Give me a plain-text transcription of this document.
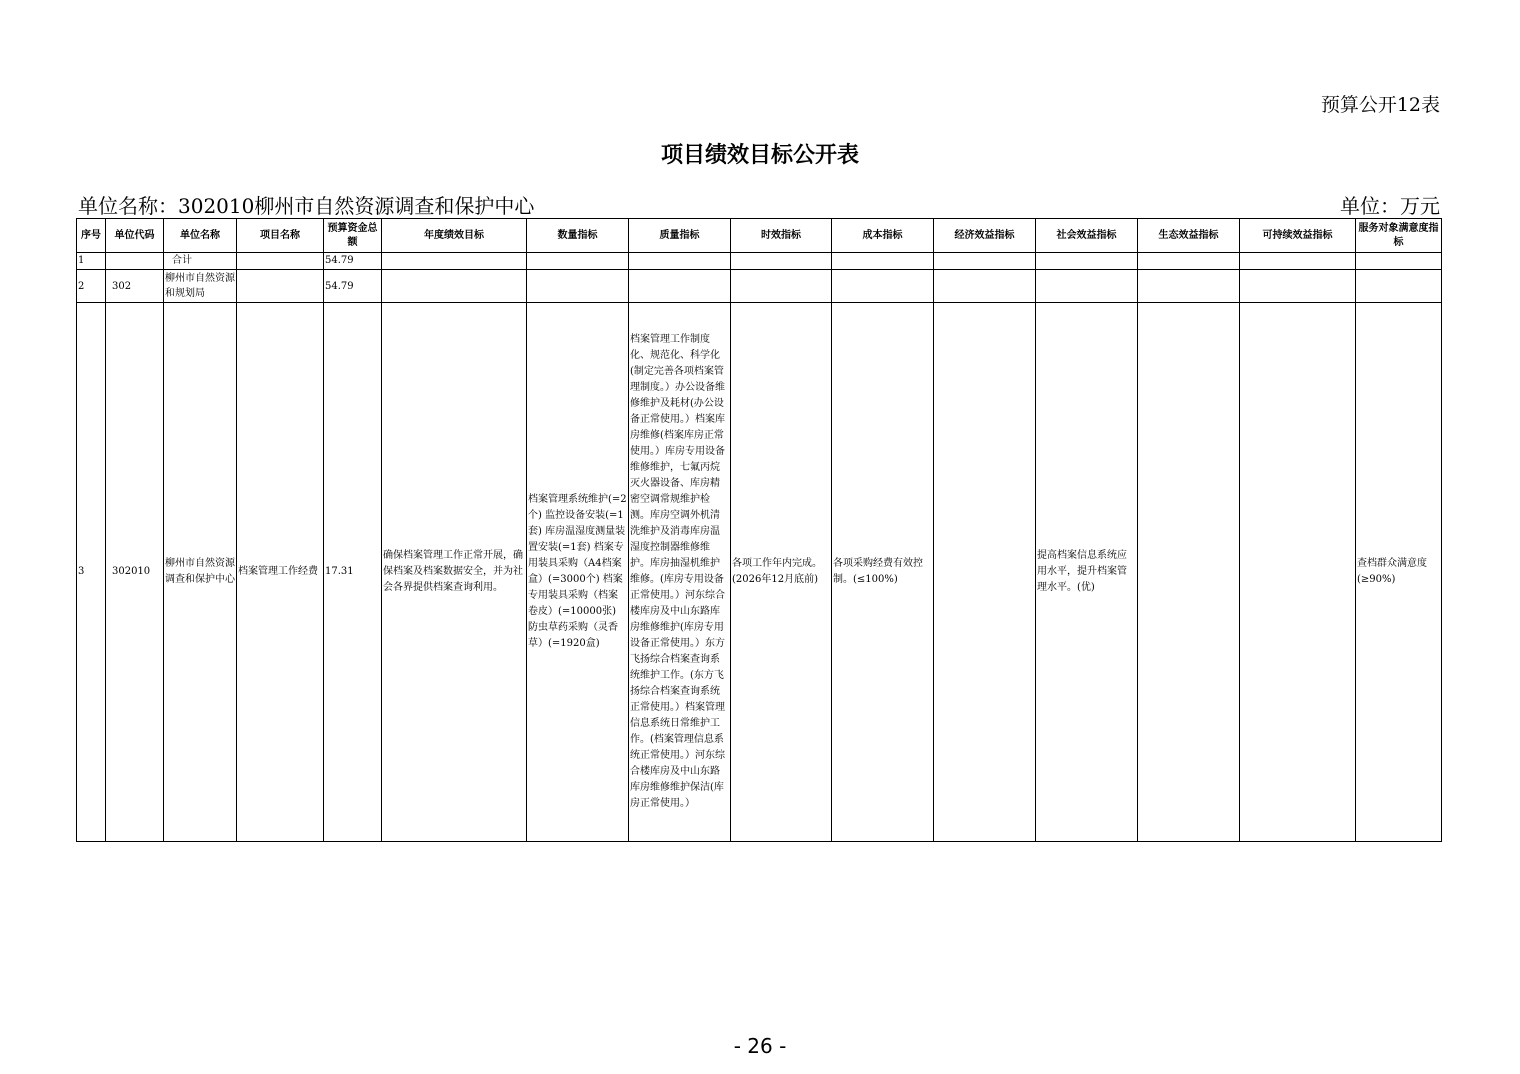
预算公开12表
项目绩效目标公开表
单位名称：302010柳州市自然资源调查和保护中心	单位：万元
序号	单位代码	单位名称	项目名称	预算资金总额	年度绩效目标	数量指标	质量指标	时效指标	成本指标	经济效益指标	社会效益指标	生态效益指标	可持续效益指标	服务对象满意度指标
1		合计		54.79										
2	302	柳州市自然资源和规划局		54.79										
3	302010	柳州市自然资源调查和保护中心	档案管理工作经费	17.31	确保档案管理工作正常开展，确保档案及档案数据安全，并为社会各界提供档案查询利用。	档案管理系统维护(=2个) 监控设备安装(=1套) 库房温湿度测量装置安装(=1套) 档案专用装具采购（A4档案盒）(=3000个) 档案专用装具采购（档案卷皮）(=10000张) 防虫草药采购（灵香草）(=1920盒)	档案管理工作制度化、规范化、科学化(制定完善各项档案管理制度。）办公设备维修维护及耗材(办公设备正常使用。）档案库房维修(档案库房正常使用。）库房专用设备维修维护，七氟丙烷灭火器设备、库房精密空调常规维护检测。库房空调外机清洗维护及消毒库房温湿度控制器维修维护。库房抽湿机维护维修。(库房专用设备正常使用。）河东综合楼库房及中山东路库房维修维护(库房专用设备正常使用。）东方飞扬综合档案查询系统维护工作。(东方飞扬综合档案查询系统正常使用。）档案管理信息系统日常维护工作。(档案管理信息系统正常使用。）河东综合楼库房及中山东路库房维修维护保洁(库房正常使用。）	各项工作年内完成。(2026年12月底前)	各项采购经费有效控制。(≤100%)		提高档案信息系统应用水平，提升档案管理水平。(优)			查档群众满意度(≥90%)
- 26 -
